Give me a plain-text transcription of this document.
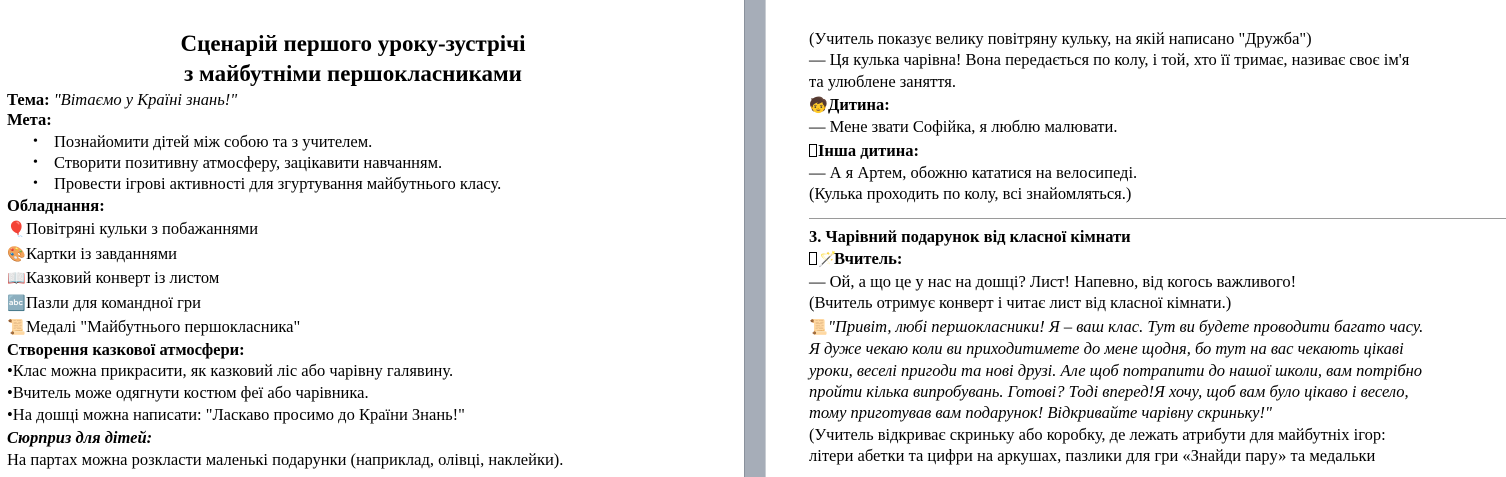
Сценарій першого уроку-зустрічі

з майбутніми першокласниками

Тема: "Вітаємо у Країні знань!"

Мета:

• Познайомити дітей між собою та з учителем.

• Створити позитивну атмосферу, зацікавити навчанням.

• Провести ігрові активності для згуртування майбутнього класу.

Обладнання:

🎈Повітряні кульки з побажаннями

🎨Картки із завданнями

📖Казковий конверт із листом

🔤Пазли для командної гри

📜Медалі "Майбутнього першокласника"

Створення казкової атмосфери:

•Клас можна прикрасити, як казковий ліс або чарівну галявину.

•Вчитель може одягнути костюм феї або чарівника.

•На дошці можна написати: "Ласкаво просимо до Країни Знань!"

Сюрприз для дітей:

На партах можна розкласти маленькі подарунки (наприклад, олівці, наклейки).

(Учитель показує велику повітряну кульку, на якій написано "Дружба")

— Ця кулька чарівна! Вона передається по колу, і той, хто її тримає, називає своє ім'я

та улюблене заняття.

🧒Дитина:

— Мене звати Софійка, я люблю малювати.

Інша дитина:

— А я Артем, обожню кататися на велосипеді.

(Кулька проходить по колу, всі знайомляться.)

3. Чарівний подарунок від класної кімнати

🪄Вчитель:

— Ой, а що це у нас на дошці? Лист! Напевно, від когось важливого!

(Вчитель отримує конверт і читає лист від класної кімнати.)

📜"Привіт, любі першокласники! Я – ваш клас. Тут ви будете проводити багато часу.

Я дуже чекаю коли ви приходитимете до мене щодня, бо тут на вас чекають цікаві

уроки, веселі пригоди та нові друзі. Але щоб потрапити до нашої школи, вам потрібно

пройти кілька випробувань. Готові? Тоді вперед!Я хочу, щоб вам було цікаво і весело,

тому приготував вам подарунок! Відкривайте чарівну скриньку!"

(Учитель відкриває скриньку або коробку, де лежать атрибути для майбутніх ігор:

літери абетки та цифри на аркушах, пазлики для гри «Знайди пару» та медальки
